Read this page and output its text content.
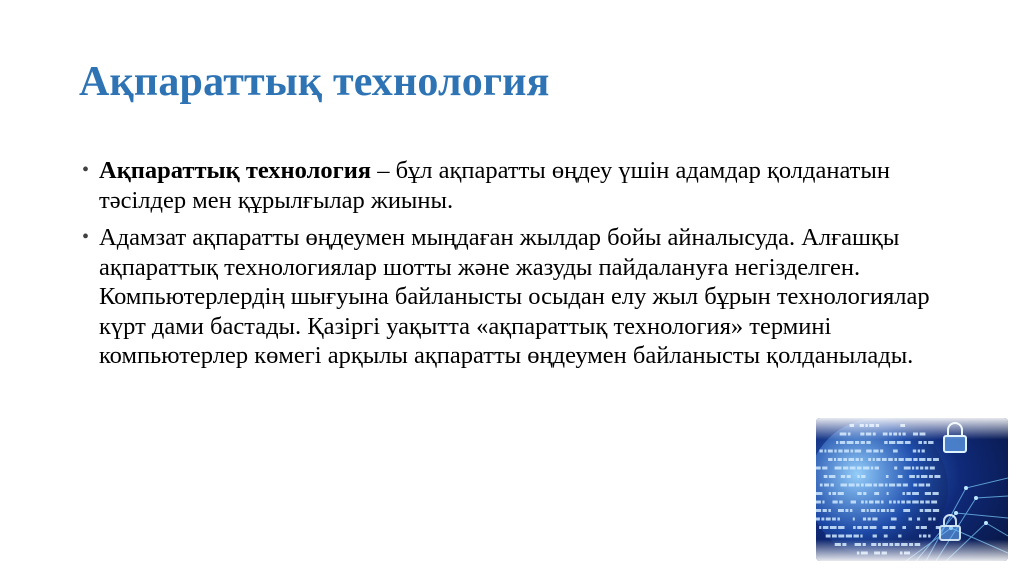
Ақпараттық технология
• Ақпараттық технология – бұл ақпаратты өңдеу үшін адамдар қолданатын тәсілдер мен құрылғылар жиыны.
• Адамзат ақпаратты өңдеумен мыңдаған жылдар бойы айналысуда. Алғашқы ақпараттық технологиялар шотты және жазуды пайдалануға негізделген. Компьютерлердің шығуына байланысты осыдан елу жыл бұрын технологиялар күрт дами бастады. Қазіргі уақытта «ақпараттық технология» термині компьютерлер көмегі арқылы ақпаратты өңдеумен байланысты қолданылады.
